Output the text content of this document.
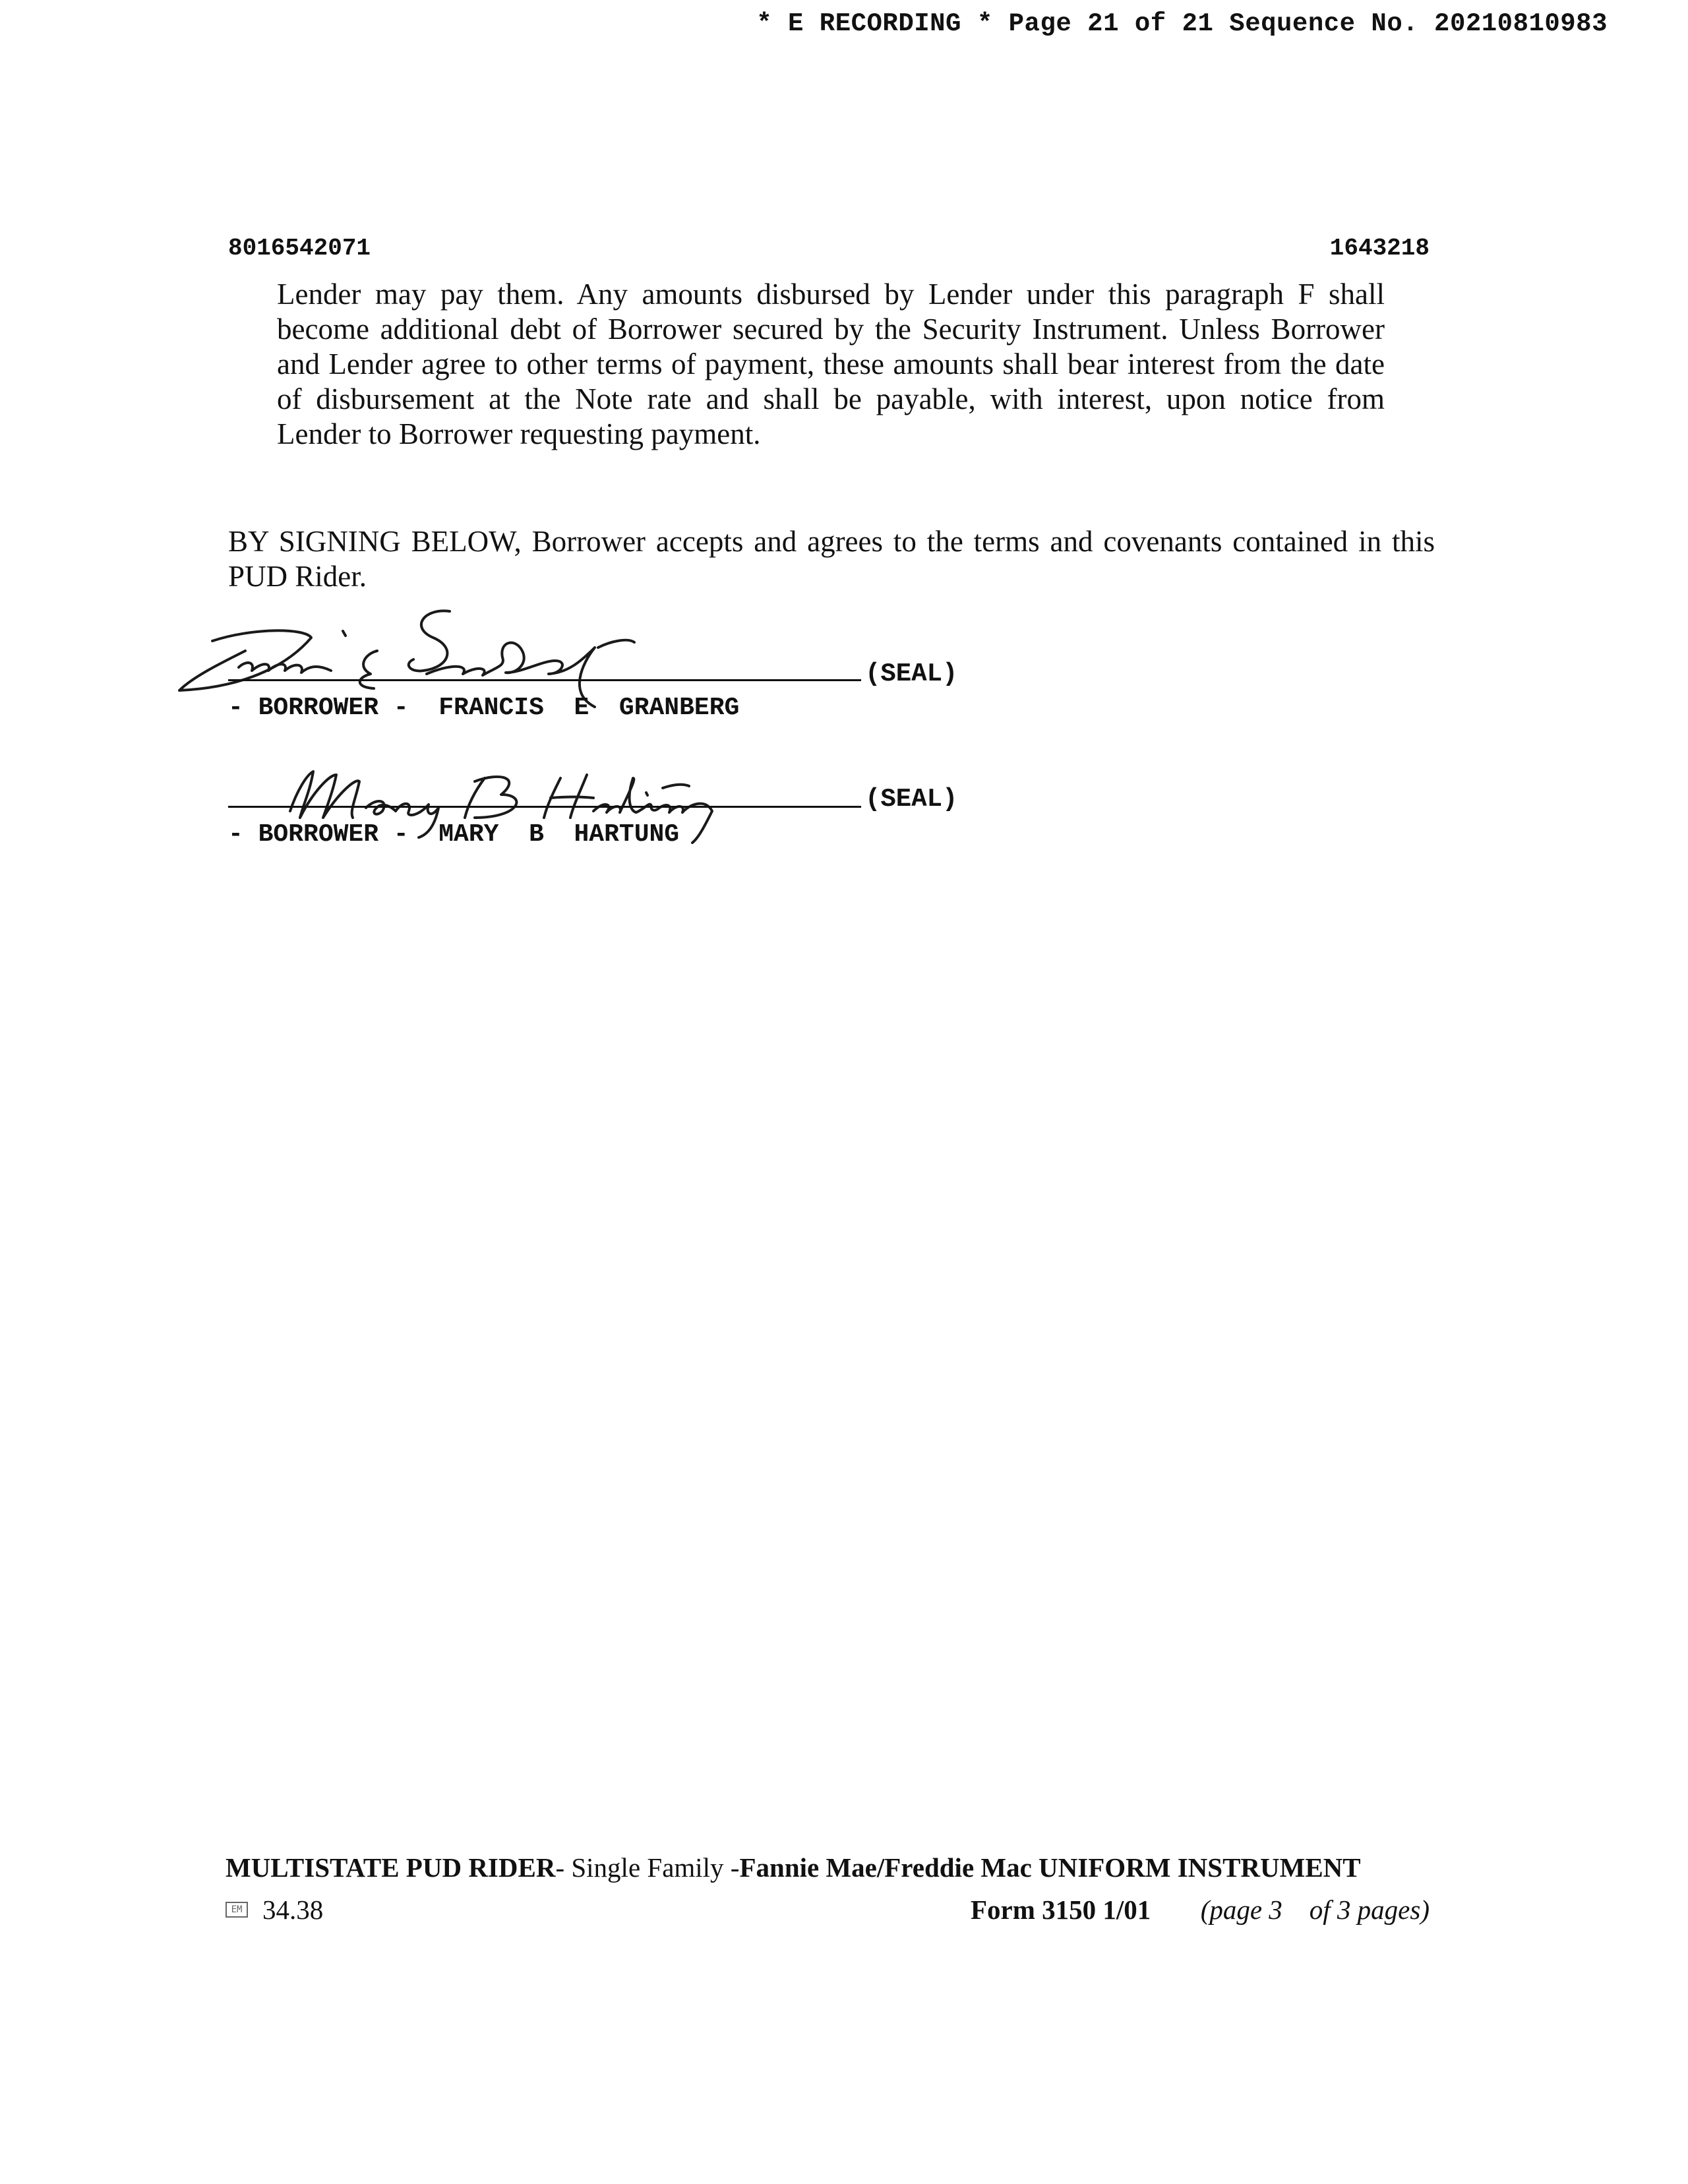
* E RECORDING * Page 21 of 21 Sequence No. 20210810983
8016542071	1643218

Lender may pay them. Any amounts disbursed by Lender under this paragraph F shall
become additional debt of Borrower secured by the Security Instrument. Unless Borrower
and Lender agree to other terms of payment, these amounts shall bear interest from the date
of disbursement at the Note rate and shall be payable, with interest, upon notice from
Lender to Borrower requesting payment.

BY SIGNING BELOW, Borrower accepts and agrees to the terms and covenants contained in this
PUD Rider.

(SEAL)
- BORROWER -  FRANCIS  E  GRANBERG
(SEAL)
- BORROWER -  MARY  B  HARTUNG
MULTISTATE PUD RIDER- Single Family -Fannie Mae/Freddie Mac UNIFORM INSTRUMENT
EM 34.38	Form 3150 1/01 (page 3    of 3 pages)
